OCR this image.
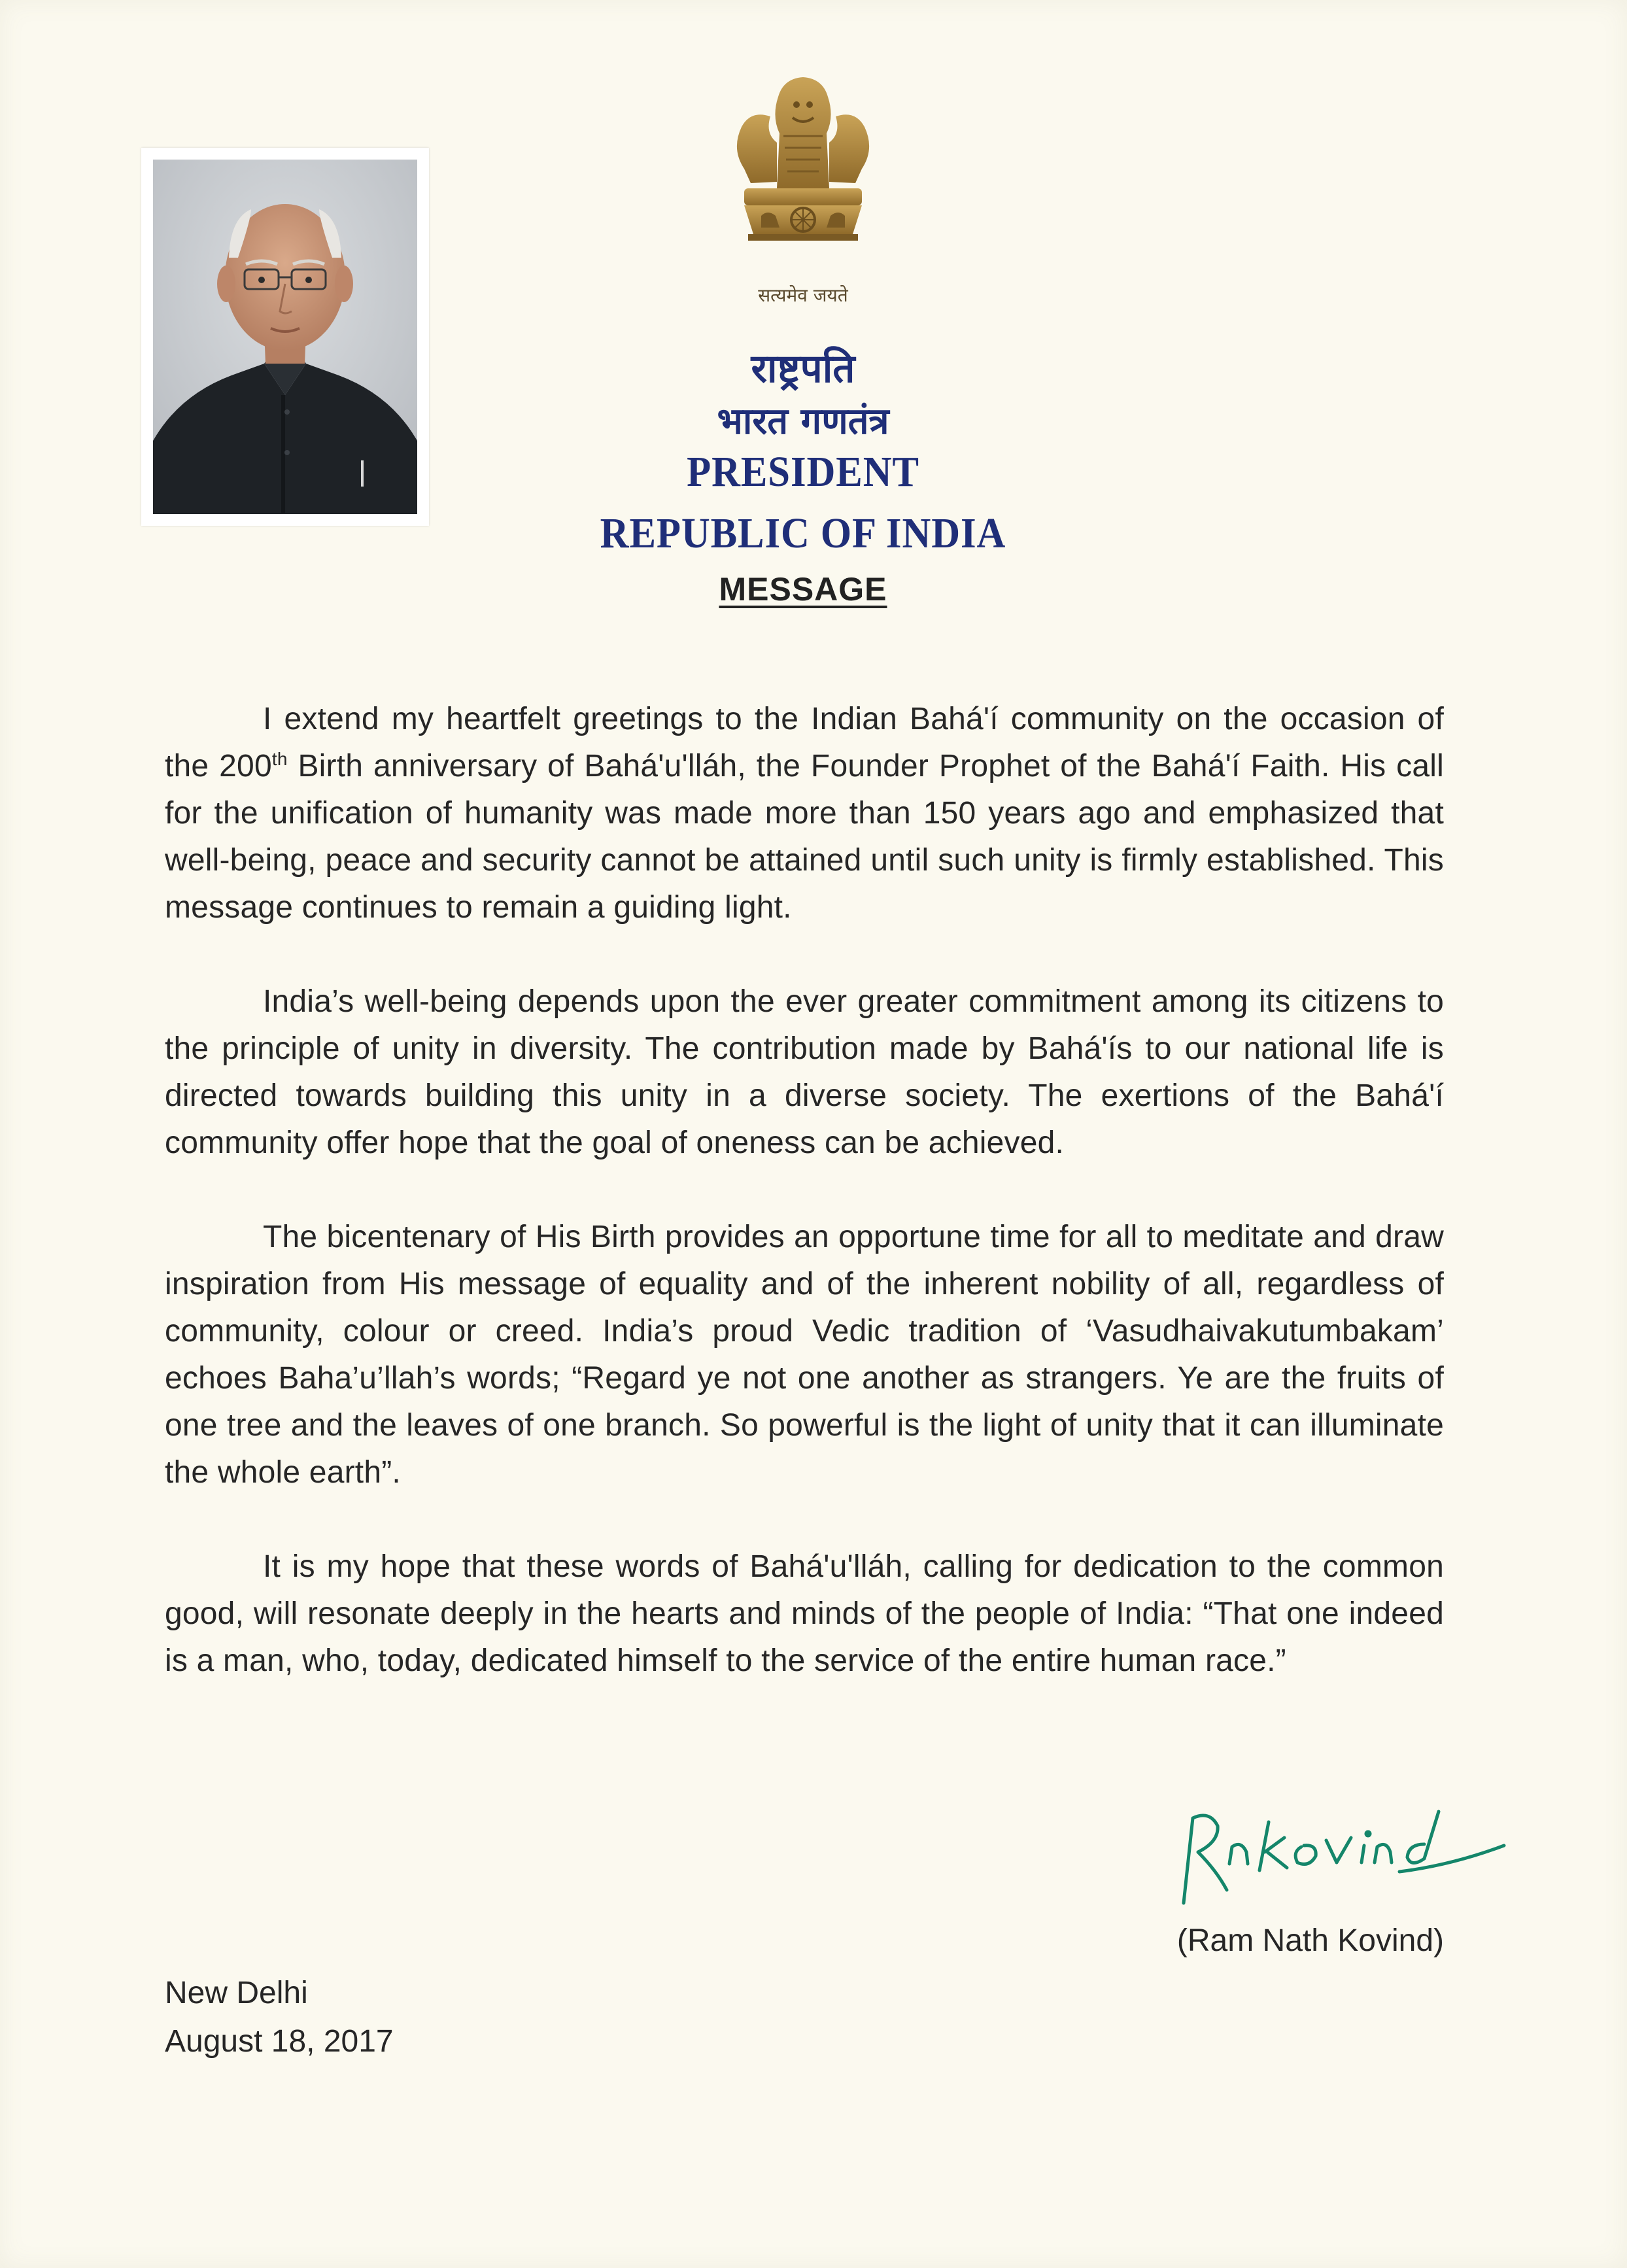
सत्यमेव जयते
राष्ट्रपति
भारत गणतंत्र
PRESIDENT
REPUBLIC OF INDIA
MESSAGE

I extend my heartfelt greetings to the Indian Bahá'í community on the occasion of the 200th Birth anniversary of Bahá'u'lláh, the Founder Prophet of the Bahá'í Faith. His call for the unification of humanity was made more than 150 years ago and emphasized that well-being, peace and security cannot be attained until such unity is firmly established. This message continues to remain a guiding light.

India’s well-being depends upon the ever greater commitment among its citizens to the principle of unity in diversity. The contribution made by Bahá'ís to our national life is directed towards building this unity in a diverse society. The exertions of the Bahá'í community offer hope that the goal of oneness can be achieved.

The bicentenary of His Birth provides an opportune time for all to meditate and draw inspiration from His message of equality and of the inherent nobility of all, regardless of community, colour or creed. India’s proud Vedic tradition of ‘Vasudhaivakutumbakam’ echoes Baha’u’llah’s words; “Regard ye not one another as strangers. Ye are the fruits of one tree and the leaves of one branch. So powerful is the light of unity that it can illuminate the whole earth”.

It is my hope that these words of Bahá'u'lláh, calling for dedication to the common good, will resonate deeply in the hearts and minds of the people of India: “That one indeed is a man, who, today, dedicated himself to the service of the entire human race.”

(Ram Nath Kovind)
New Delhi
August 18, 2017
